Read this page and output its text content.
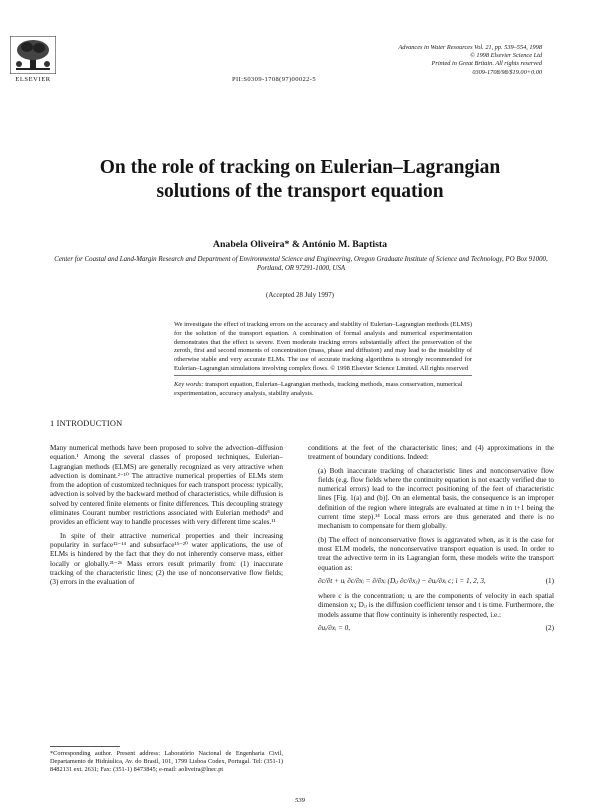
ELSEVIER	PII:S0309-1708(97)00022-5
Advances in Water Resources Vol. 21, pp. 539–554, 1998
© 1998 Elsevier Science Ltd
Printed in Great Britain. All rights reserved
0309-1708/98/$19.00+0.00
On the role of tracking on Eulerian–Lagrangian
solutions of the transport equation
Anabela Oliveira* & António M. Baptista
Center for Coastal and Land-Margin Research and Department of Environmental Science and Engineering, Oregon Graduate Institute of Science and Technology, PO Box 91000, Portland, OR 97291-1000, USA
(Accepted 28 July 1997)
We investigate the effect of tracking errors on the accuracy and stability of Eulerian–Lagrangian methods (ELMS) for the solution of the transport equation. A combination of formal analysis and numerical experimentation demonstrates that the effect is severe. Even moderate tracking errors substantially affect the preservation of the zeroth, first and second moments of concentration (mass, phase and diffusion) and may lead to the instability of otherwise stable and very accurate ELMs. The use of accurate tracking algorithms is strongly recommended for Eulerian–Lagrangian simulations involving complex flows. © 1998 Elsevier Science Limited. All rights reserved
Key words: transport equation, Eulerian–Lagrangian methods, tracking methods, mass conservation, numerical experimentation, accuracy analysis, stability analysis.
1 INTRODUCTION

Many numerical methods have been proposed to solve the advection–diffusion equation.¹ Among the several classes of proposed techniques, Eulerian–Lagrangian methods (ELMS) are generally recognized as very attractive when advection is dominant.²⁻¹⁰ The attractive numerical properties of ELMs stem from the adoption of customized techniques for each transport process: typically, advection is solved by the backward method of characteristics, while diffusion is solved by centered finite elements or finite differences. This decoupling strategy eliminates Courant number restrictions associated with Eulerian methods⁸ and provides an efficient way to handle processes with very different time scales.¹¹

In spite of their attractive numerical properties and their increasing popularity in surface¹²⁻¹⁴ and subsurface¹⁵⁻²⁰ water applications, the use of ELMs is hindered by the fact that they do not inherently conserve mass, either locally or globally.²¹⁻²⁶ Mass errors result primarily from: (1) inaccurate tracking of the characteristic lines; (2) the use of nonconservative flow fields; (3) errors in the evaluation of

conditions at the feet of the characteristic lines; and (4) approximations in the treatment of boundary conditions. Indeed:

(a) Both inaccurate tracking of characteristic lines and nonconservative flow fields (e.g. flow fields where the continuity equation is not exactly verified due to numerical errors) lead to the incorrect positioning of the feet of characteristic lines [Fig. 1(a) and (b)]. On an elemental basis, the consequence is an improper definition of the region where integrals are evaluated at time n in t+1 being the current time step).¹⁴ Local mass errors are thus generated and there is no mechanism to compensate for them globally.

(b) The effect of nonconservative flows is aggravated when, as it is the case for most ELM models, the nonconservative transport equation is used. In order to treat the advective term in its Lagrangian form, these models write the transport equation as:

∂c/∂t + uᵢ ∂c/∂xᵢ = ∂/∂xᵢ (Dᵢⱼ ∂c/∂xⱼ) − ∂uᵢ/∂xᵢ c; i = 1, 2, 3,	(1)

where c is the concentration; uᵢ are the components of velocity in each spatial dimension xᵢ; Dᵢⱼ is the diffusion coefficient tensor and t is time. Furthermore, the models assume that flow continuity is inherently respected, i.e.:

∂uᵢ/∂xᵢ = 0,	(2)
*Corresponding author. Present address: Laboratório Nacional de Engenharia Civil, Departamento de Hidráulica, Av. do Brasil, 101, 1799 Lisboa Codex, Portugal. Tel: (351-1) 8482131 ext. 2631; Fax: (351-1) 8473845; e-mail: aoliveira@lnec.pt
539
